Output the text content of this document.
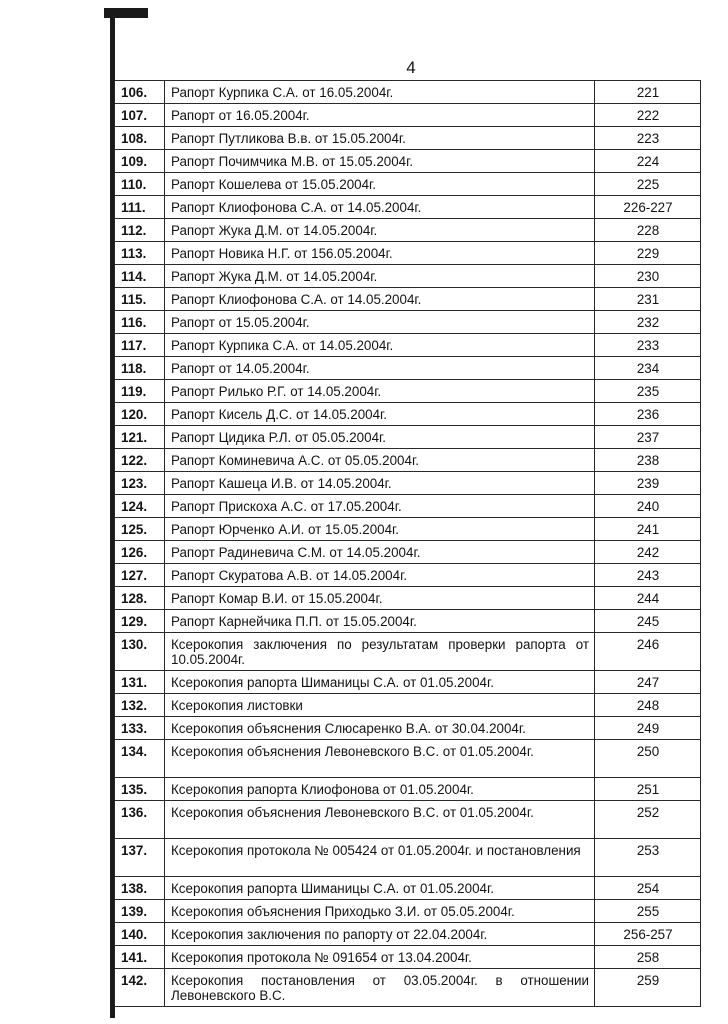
4
106.	Рапорт Курпика С.А. от 16.05.2004г.	221
107.	Рапорт от 16.05.2004г.	222
108.	Рапорт Путликова В.в. от 15.05.2004г.	223
109.	Рапорт Почимчика М.В. от 15.05.2004г.	224
110.	Рапорт Кошелева от 15.05.2004г.	225
111.	Рапорт Клиофонова С.А. от 14.05.2004г.	226-227
112.	Рапорт Жука Д.М. от 14.05.2004г.	228
113.	Рапорт Новика Н.Г. от 156.05.2004г.	229
114.	Рапорт Жука Д.М. от 14.05.2004г.	230
115.	Рапорт Клиофонова С.А. от 14.05.2004г.	231
116.	Рапорт от 15.05.2004г.	232
117.	Рапорт Курпика С.А. от 14.05.2004г.	233
118.	Рапорт от 14.05.2004г.	234
119.	Рапорт Рилько Р.Г. от 14.05.2004г.	235
120.	Рапорт Кисель Д.С. от 14.05.2004г.	236
121.	Рапорт Цидика Р.Л. от 05.05.2004г.	237
122.	Рапорт Коминевича А.С. от 05.05.2004г.	238
123.	Рапорт Кашеца И.В. от 14.05.2004г.	239
124.	Рапорт Прискоха А.С. от 17.05.2004г.	240
125.	Рапорт Юрченко А.И. от 15.05.2004г.	241
126.	Рапорт Радиневича С.М. от 14.05.2004г.	242
127.	Рапорт Скуратова А.В. от 14.05.2004г.	243
128.	Рапорт Комар В.И. от 15.05.2004г.	244
129.	Рапорт Карнейчика П.П. от 15.05.2004г.	245
130.	Ксерокопия заключения по результатам проверки рапорта от 10.05.2004г.	246
131.	Ксерокопия рапорта Шиманицы С.А. от 01.05.2004г.	247
132.	Ксерокопия листовки	248
133.	Ксерокопия объяснения Слюсаренко В.А. от 30.04.2004г.	249
134.	Ксерокопия объяснения Левоневского В.С. от 01.05.2004г.	250
135.	Ксерокопия рапорта Клиофонова от 01.05.2004г.	251
136.	Ксерокопия объяснения Левоневского В.С. от 01.05.2004г.	252
137.	Ксерокопия протокола № 005424 от 01.05.2004г. и постановления	253
138.	Ксерокопия рапорта Шиманицы С.А. от 01.05.2004г.	254
139.	Ксерокопия объяснения Приходько З.И. от 05.05.2004г.	255
140.	Ксерокопия заключения по рапорту от 22.04.2004г.	256-257
141.	Ксерокопия протокола № 091654 от 13.04.2004г.	258
142.	Ксерокопия постановления от 03.05.2004г. в отношении Левоневского В.С.	259
